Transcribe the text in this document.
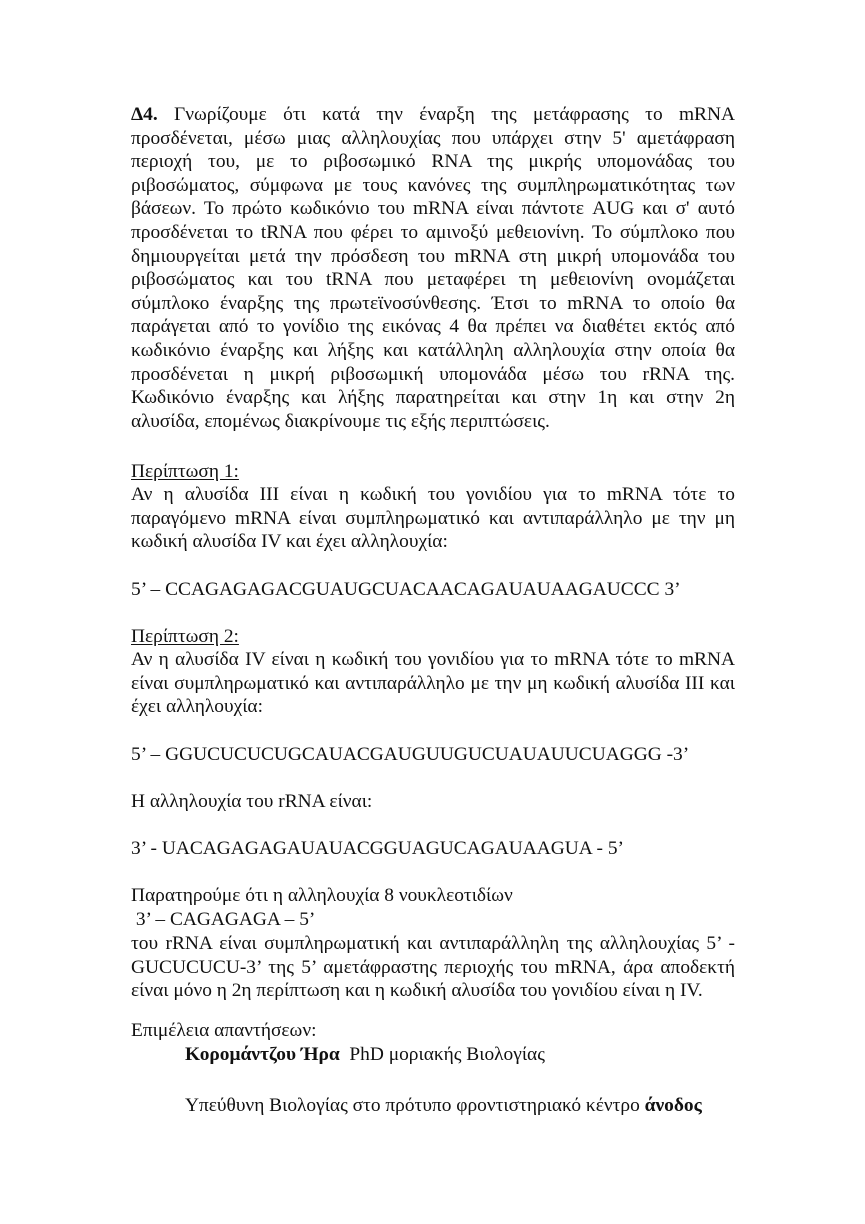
Δ4. Γνωρίζουμε ότι κατά την έναρξη της μετάφρασης το mRNA προσδένεται, μέσω μιας αλληλουχίας που υπάρχει στην 5' αμετάφραση περιοχή του, με το ριβοσωμικό RNA της μικρής υπομονάδας του ριβοσώματος, σύμφωνα με τους κανόνες της συμπληρωματικότητας των βάσεων. Το πρώτο κωδικόνιο του mRNA είναι πάντοτε AUG και σ' αυτό προσδένεται το tRNA που φέρει το αμινοξύ μεθειονίνη. Το σύμπλοκο που δημιουργείται μετά την πρόσδεση του mRNA στη μικρή υπομονάδα του ριβοσώματος και του tRNA που μεταφέρει τη μεθειονίνη ονομάζεται σύμπλοκο έναρξης της πρωτεϊνοσύνθεσης. Έτσι το mRNA το οποίο θα παράγεται από το γονίδιο της εικόνας 4 θα πρέπει να διαθέτει εκτός από κωδικόνιο έναρξης και λήξης και κατάλληλη αλληλουχία στην οποία θα προσδένεται η μικρή ριβοσωμική υπομονάδα μέσω του rRNA της. Κωδικόνιο έναρξης και λήξης παρατηρείται και στην 1η και στην 2η αλυσίδα, επομένως διακρίνουμε τις εξής περιπτώσεις.
Περίπτωση 1:
Αν η αλυσίδα ΙΙΙ είναι η κωδική του γονιδίου για το mRNA τότε το παραγόμενο mRNA είναι συμπληρωματικό και αντιπαράλληλο με την μη κωδική αλυσίδα IV και έχει αλληλουχία:
5’ – CCAGAGAGACGUAUGCUACAACAGAUAUAAGAUCCC 3’
Περίπτωση 2:
Αν η αλυσίδα IV είναι η κωδική του γονιδίου για το mRNA τότε το mRNA είναι συμπληρωματικό και αντιπαράλληλο με την μη κωδική αλυσίδα ΙΙΙ και έχει αλληλουχία:
5’ – GGUCUCUCUGCAUACGAUGUUGUCUAUAUUCUAGGG -3’
Η αλληλουχία του rRNA είναι:
3’ - UACAGAGAGAUAUACGGUAGUCAGAUAAGUA - 5’
Παρατηρούμε ότι η αλληλουχία 8 νουκλεοτιδίων
3’ – CAGAGAGA – 5’
του rRNA είναι συμπληρωματική και αντιπαράλληλη της αλληλουχίας 5’ -GUCUCUCU-3’ της 5’ αμετάφραστης περιοχής του mRNA, άρα αποδεκτή είναι μόνο η 2η περίπτωση και η κωδική αλυσίδα του γονιδίου είναι η IV.
Επιμέλεια απαντήσεων:
Κορομάντζου Ήρα PhD μοριακής Βιολογίας
Υπεύθυνη Βιολογίας στο πρότυπο φροντιστηριακό κέντρο άνοδος
